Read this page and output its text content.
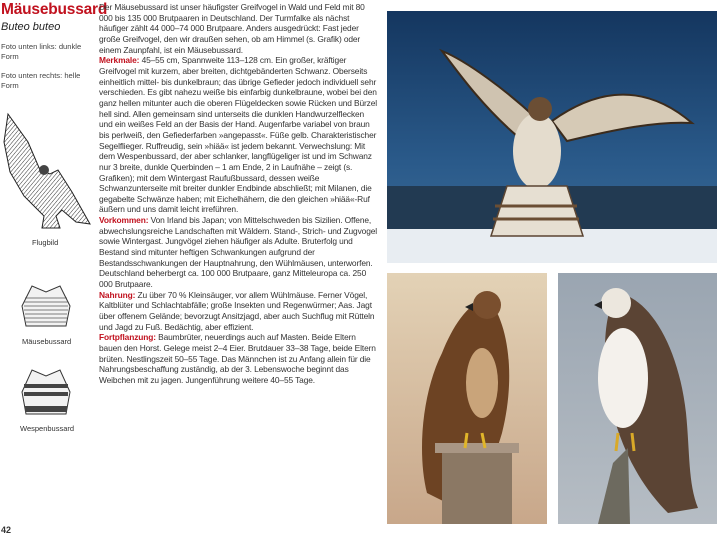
Mäusebussard
Buteo buteo
Foto unten links: dunkle Form
Foto unten rechts: helle Form
Flugbild
Mäusebussard
Wespenbussard

Der Mäusebussard ist unser häufigster Greifvogel in Wald und Feld mit 80 000 bis 135 000 Brutpaaren in Deutschland. Der Turmfalke als nächst häufiger zählt 44 000–74 000 Brutpaare. Anders ausgedrückt: Fast jeder große Greifvogel, den wir draußen sehen, ob am Himmel (s. Grafik) oder einem Zaunpfahl, ist ein Mäusebussard.

Merkmale: 45–55 cm, Spannweite 113–128 cm. Ein großer, kräftiger Greifvogel mit kurzem, aber breiten, dichtgebänderten Schwanz. Oberseits einheitlich mittel- bis dunkelbraun; das übrige Gefieder jedoch individuell sehr verschieden. Es gibt nahezu weiße bis einfarbig dunkelbraune, wobei bei den ganz hellen mitunter auch die oberen Flügeldecken sowie Rücken und Bürzel hell sind. Allen gemeinsam sind unterseits die dunklen Handwurzelflecken und ein weißes Feld an der Basis der Hand. Augenfarbe variabel von braun bis perlweiß, den Gefiederfarben »angepasst«. Füße gelb. Charakteristischer Segelflieger. Ruffreudig, sein »hiää« ist jedem bekannt. Verwechslung: Mit dem Wespenbussard, der aber schlanker, langflügeliger ist und im Schwanz nur 3 breite, dunkle Querbinden – 1 am Ende, 2 in Laufnähe – zeigt (s. Grafiken); mit dem Wintergast Raufußbussard, dessen weiße Schwanzunterseite mit breiter dunkler Endbinde abschließt; mit Milanen, die gegabelte Schwänze haben; mit Eichelhähern, die den gleichen »hiää«-Ruf äußern und uns damit leicht irreführen.

Vorkommen: Von Irland bis Japan; von Mittelschweden bis Sizilien. Offene, abwechslungsreiche Landschaften mit Wäldern. Stand-, Strich- und Zugvogel sowie Wintergast. Jungvögel ziehen häufiger als Adulte. Bruterfolg und Bestand sind mitunter heftigen Schwankungen aufgrund der Bestandsschwankungen der Hauptnahrung, den Wühlmäusen, unterworfen. Deutschland beherbergt ca. 100 000 Brutpaare, ganz Mitteleuropa ca. 250 000 Brutpaare.

Nahrung: Zu über 70 % Kleinsäuger, vor allem Wühlmäuse. Ferner Vögel, Kaltblüter und Schlachtabfälle; große Insekten und Regenwürmer; Aas. Jagt über offenem Gelände; bevorzugt Ansitzjagd, aber auch Suchflug mit Rütteln und Jagd zu Fuß. Bedächtig, aber effizient.

Fortpflanzung: Baumbrüter, neuerdings auch auf Masten. Beide Eltern bauen den Horst. Gelege meist 2–4 Eier. Brutdauer 33–38 Tage, beide Eltern brüten. Nestlingszeit 50–55 Tage. Das Männchen ist zu Anfang allein für die Nahrungsbeschaffung zuständig, ab der 3. Lebenswoche beginnt das Weibchen mit zu jagen. Jungenführung weitere 40–55 Tage.

42
